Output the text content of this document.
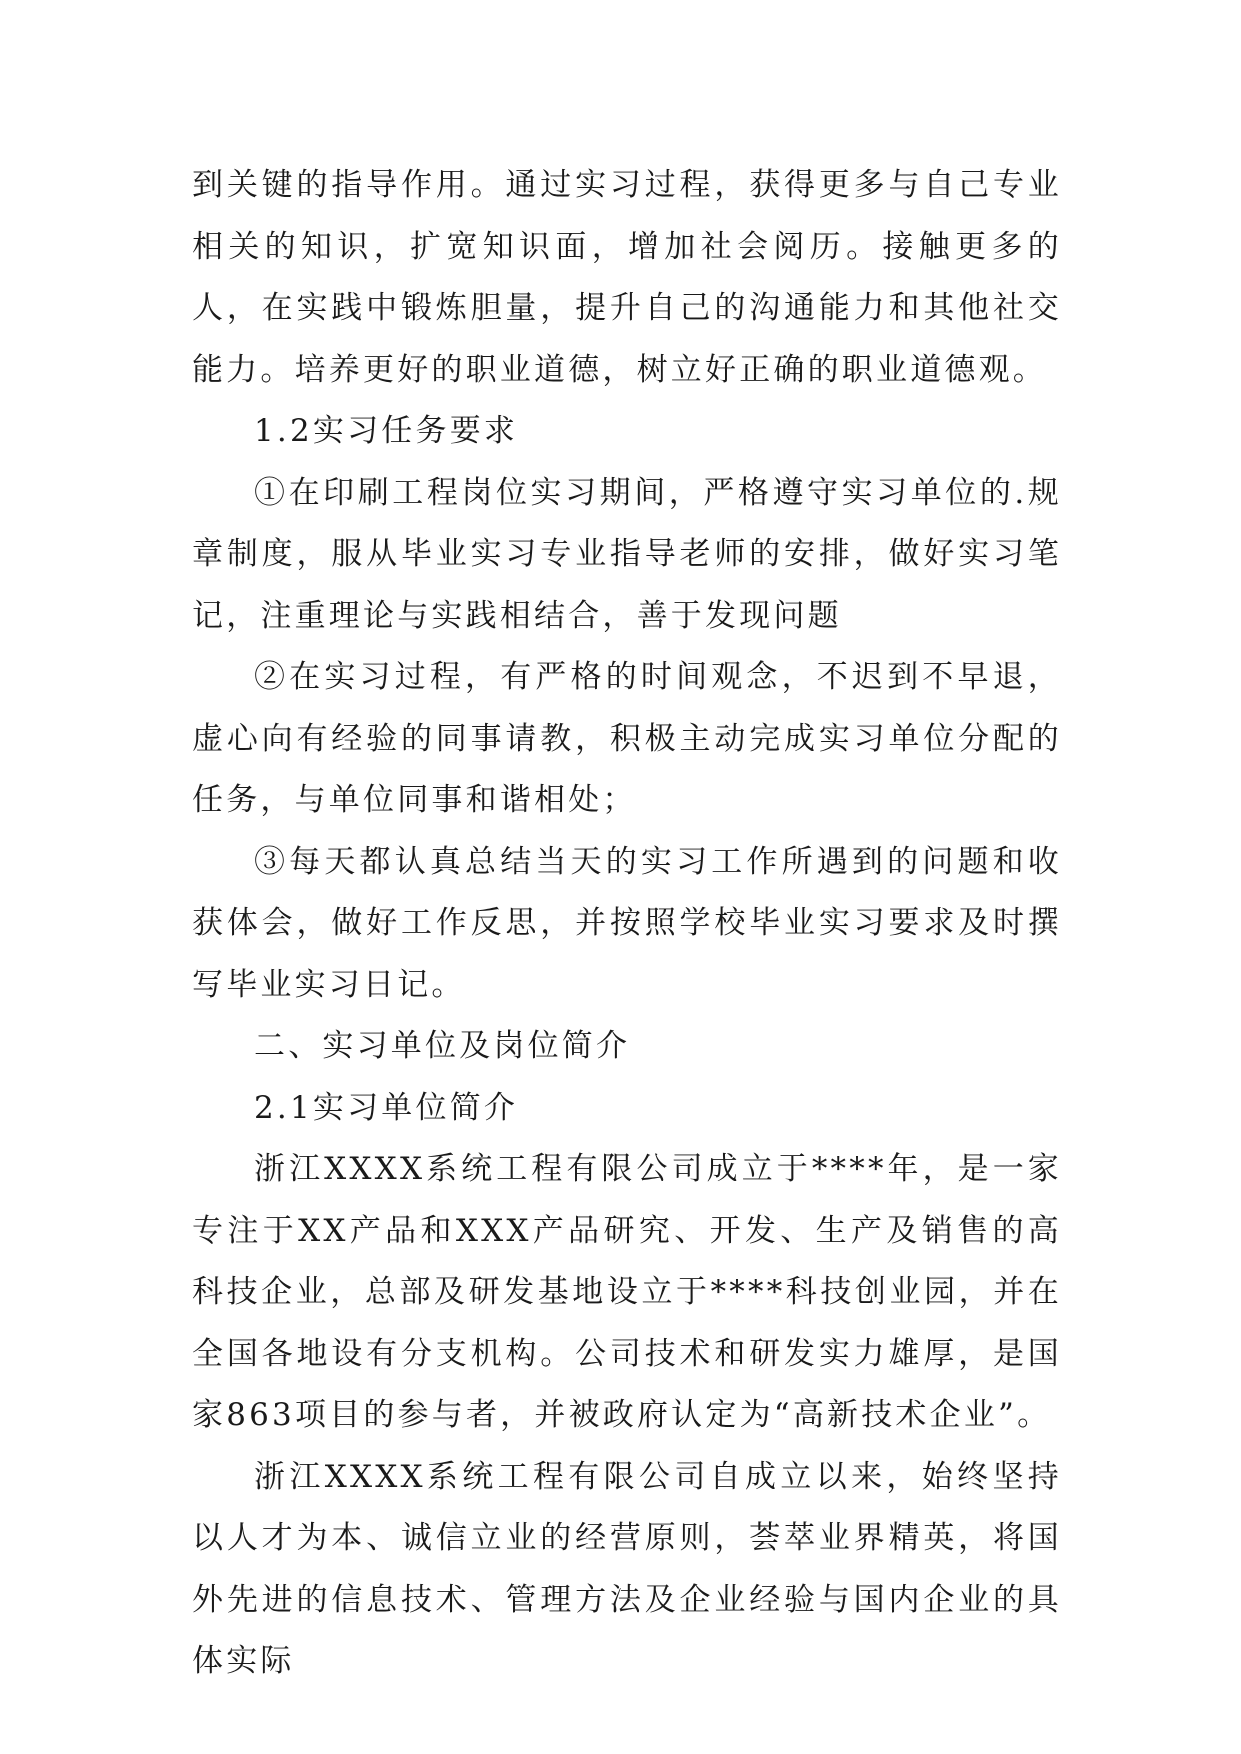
到关键的指导作用。通过实习过程，获得更多与自己专业相关的知识，扩宽知识面，增加社会阅历。接触更多的人，在实践中锻炼胆量，提升自己的沟通能力和其他社交能力。培养更好的职业道德，树立好正确的职业道德观。

1.2实习任务要求

①在印刷工程岗位实习期间，严格遵守实习单位的.规章制度，服从毕业实习专业指导老师的安排，做好实习笔记，注重理论与实践相结合，善于发现问题

②在实习过程，有严格的时间观念，不迟到不早退，虚心向有经验的同事请教，积极主动完成实习单位分配的任务，与单位同事和谐相处；

③每天都认真总结当天的实习工作所遇到的问题和收获体会，做好工作反思，并按照学校毕业实习要求及时撰写毕业实习日记。

二、实习单位及岗位简介

2.1实习单位简介

浙江XXXX系统工程有限公司成立于****年，是一家专注于XX产品和XXX产品研究、开发、生产及销售的高科技企业，总部及研发基地设立于****科技创业园，并在全国各地设有分支机构。公司技术和研发实力雄厚，是国家863项目的参与者，并被政府认定为“高新技术企业”。

浙江XXXX系统工程有限公司自成立以来，始终坚持以人才为本、诚信立业的经营原则，荟萃业界精英，将国外先进的信息技术、管理方法及企业经验与国内企业的具体实际
